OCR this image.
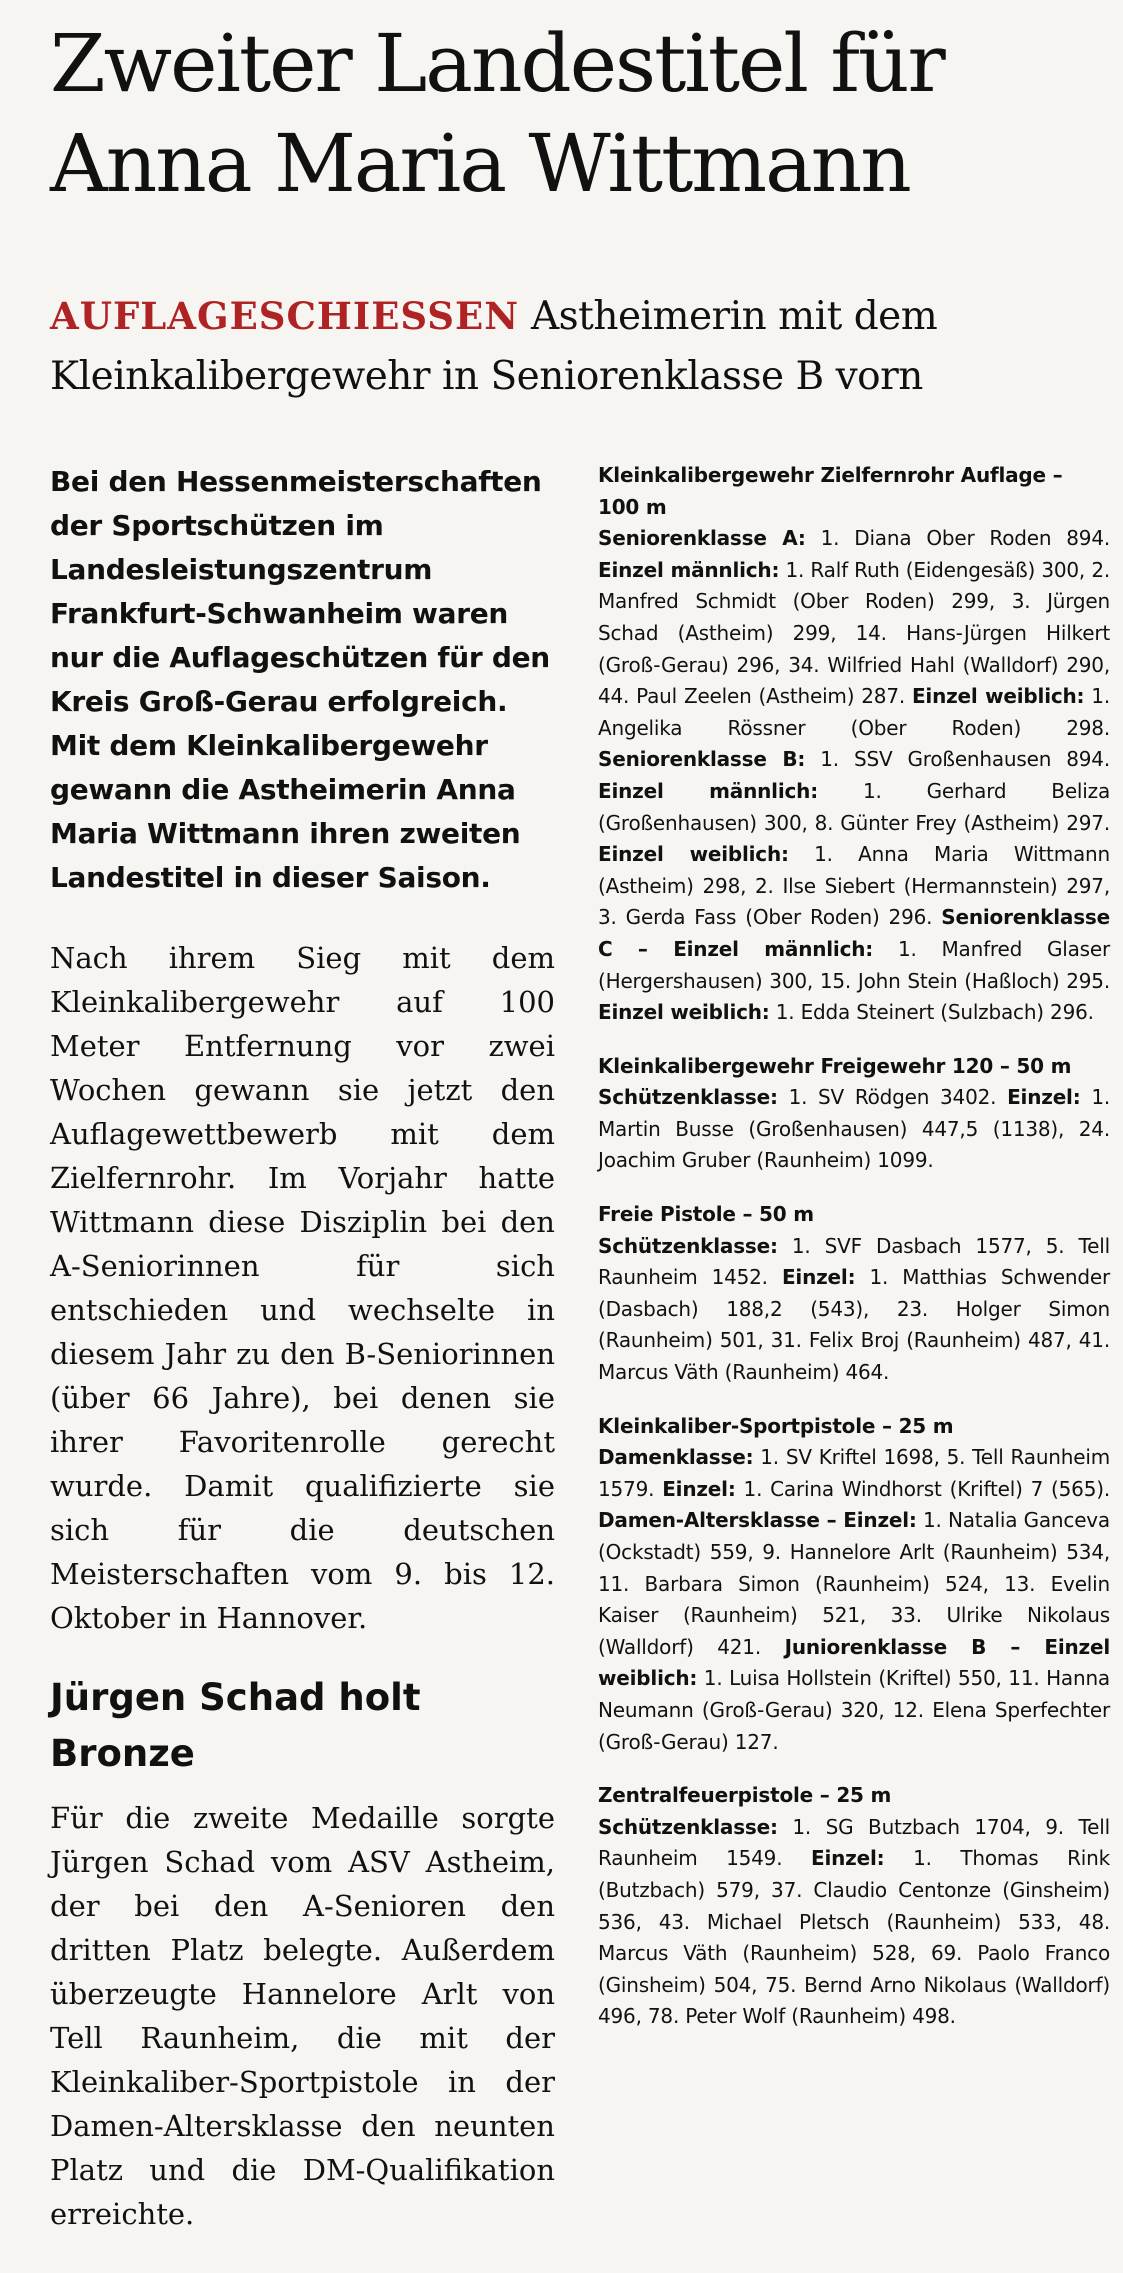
Zweiter Landestitel für Anna Maria Wittmann

AUFLAGESCHIESSEN Astheimerin mit dem Kleinkalibergewehr in Seniorenklasse B vorn

Bei den Hessenmeisterschaften der Sportschützen im Landesleistungszentrum Frankfurt-Schwanheim waren nur die Auflageschützen für den Kreis Groß-Gerau erfolgreich. Mit dem Kleinkalibergewehr gewann die Astheimerin Anna Maria Wittmann ihren zweiten Landestitel in dieser Saison.

Nach ihrem Sieg mit dem Kleinkalibergewehr auf 100 Meter Entfernung vor zwei Wochen gewann sie jetzt den Auflagewettbewerb mit dem Zielfernrohr. Im Vorjahr hatte Wittmann diese Disziplin bei den A-Seniorinnen für sich entschieden und wechselte in diesem Jahr zu den B-Seniorinnen (über 66 Jahre), bei denen sie ihrer Favoritenrolle gerecht wurde. Damit qualifizierte sie sich für die deutschen Meisterschaften vom 9. bis 12. Oktober in Hannover.

Jürgen Schad holt Bronze

Für die zweite Medaille sorgte Jürgen Schad vom ASV Astheim, der bei den A-Senioren den dritten Platz belegte. Außerdem überzeugte Hannelore Arlt von Tell Raunheim, die mit der Kleinkaliber-Sportpistole in der Damen-Altersklasse den neunten Platz und die DM-Qualifikation erreichte.

Kleinkalibergewehr Zielfernrohr Auflage – 100 m
Seniorenklasse A: 1. Diana Ober Roden 894. Einzel männlich: 1. Ralf Ruth (Eidengesäß) 300, 2. Manfred Schmidt (Ober Roden) 299, 3. Jürgen Schad (Astheim) 299, 14. Hans-Jürgen Hilkert (Groß-Gerau) 296, 34. Wilfried Hahl (Walldorf) 290, 44. Paul Zeelen (Astheim) 287. Einzel weiblich: 1. Angelika Rössner (Ober Roden) 298. Seniorenklasse B: 1. SSV Großenhausen 894. Einzel männlich: 1. Gerhard Beliza (Großenhausen) 300, 8. Günter Frey (Astheim) 297. Einzel weiblich: 1. Anna Maria Wittmann (Astheim) 298, 2. Ilse Siebert (Hermannstein) 297, 3. Gerda Fass (Ober Roden) 296. Seniorenklasse C – Einzel männlich: 1. Manfred Glaser (Hergershausen) 300, 15. John Stein (Haßloch) 295. Einzel weiblich: 1. Edda Steinert (Sulzbach) 296.
Kleinkalibergewehr Freigewehr 120 – 50 m
Schützenklasse: 1. SV Rödgen 3402. Einzel: 1. Martin Busse (Großenhausen) 447,5 (1138), 24. Joachim Gruber (Raunheim) 1099.
Freie Pistole – 50 m
Schützenklasse: 1. SVF Dasbach 1577, 5. Tell Raunheim 1452. Einzel: 1. Matthias Schwender (Dasbach) 188,2 (543), 23. Holger Simon (Raunheim) 501, 31. Felix Broj (Raunheim) 487, 41. Marcus Väth (Raunheim) 464.
Kleinkaliber-Sportpistole – 25 m
Damenklasse: 1. SV Kriftel 1698, 5. Tell Raunheim 1579. Einzel: 1. Carina Windhorst (Kriftel) 7 (565). Damen-Altersklasse – Einzel: 1. Natalia Ganceva (Ockstadt) 559, 9. Hannelore Arlt (Raunheim) 534, 11. Barbara Simon (Raunheim) 524, 13. Evelin Kaiser (Raunheim) 521, 33. Ulrike Nikolaus (Walldorf) 421. Juniorenklasse B – Einzel weiblich: 1. Luisa Hollstein (Kriftel) 550, 11. Hanna Neumann (Groß-Gerau) 320, 12. Elena Sperfechter (Groß-Gerau) 127.
Zentralfeuerpistole – 25 m
Schützenklasse: 1. SG Butzbach 1704, 9. Tell Raunheim 1549. Einzel: 1. Thomas Rink (Butzbach) 579, 37. Claudio Centonze (Ginsheim) 536, 43. Michael Pletsch (Raunheim) 533, 48. Marcus Väth (Raunheim) 528, 69. Paolo Franco (Ginsheim) 504, 75. Bernd Arno Nikolaus (Walldorf) 496, 78. Peter Wolf (Raunheim) 498.
